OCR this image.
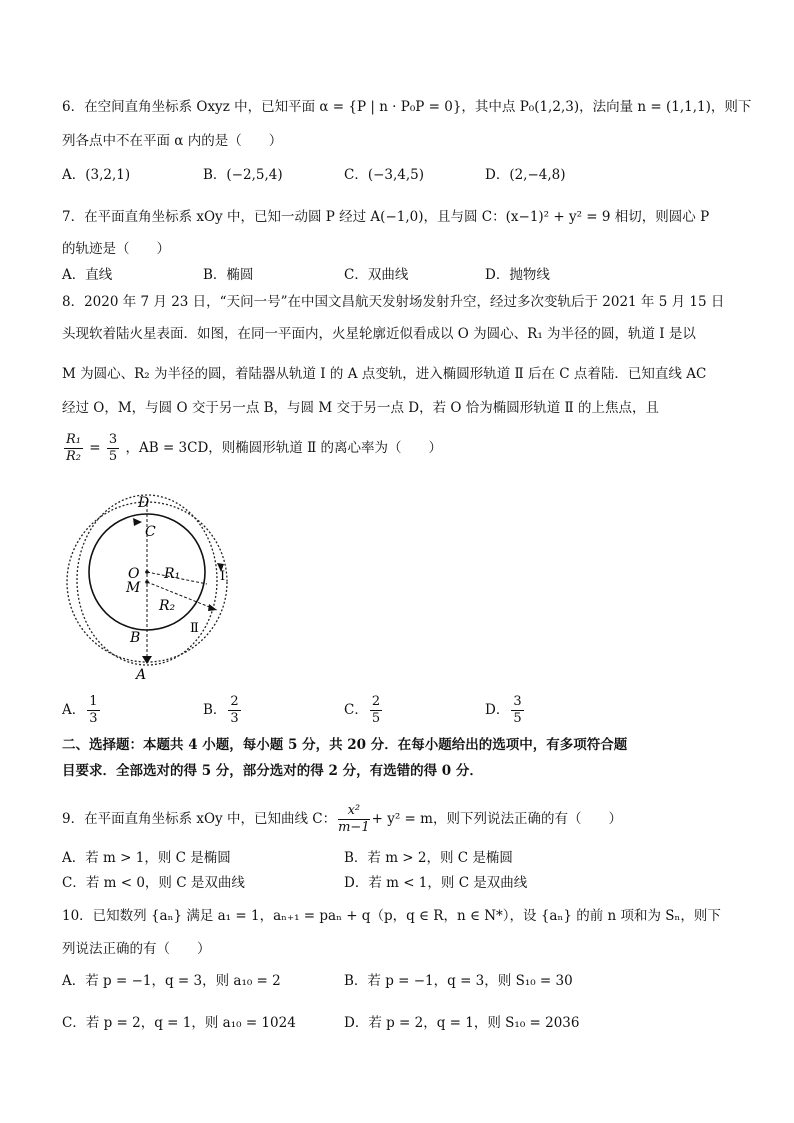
6．在空间直角坐标系 Oxyz 中，已知平面 α = {P | n · P₀P = 0}，其中点 P₀(1,2,3)，法向量 n = (1,1,1)，则下
列各点中不在平面 α 内的是（　　）
A．(3,2,1)	B．(−2,5,4)	C．(−3,4,5)	D．(2,−4,8)
7．在平面直角坐标系 xOy 中，已知一动圆 P 经过 A(−1,0)，且与圆 C：(x−1)² + y² = 9 相切，则圆心 P
的轨迹是（　　）
A．直线	B．椭圆	C．双曲线	D．抛物线
8．2020 年 7 月 23 日，“天问一号”在中国文昌航天发射场发射升空，经过多次变轨后于 2021 年 5 月 15 日
头现软着陆火星表面．如图，在同一平面内，火星轮廓近似看成以 O 为圆心、R₁ 为半径的圆，轨道 Ⅰ 是以
M 为圆心、R₂ 为半径的圆，着陆器从轨道 Ⅰ 的 A 点变轨，进入椭圆形轨道 Ⅱ 后在 C 点着陆．已知直线 AC
经过 O，M，与圆 O 交于另一点 B，与圆 M 交于另一点 D，若 O 恰为椭圆形轨道 Ⅱ 的上焦点，且
$\frac{\text{R₁}}{\text{R₂}} = \frac{3}{5}$ ，AB = 3CD，则椭圆形轨道 Ⅱ 的离心率为（　　）
D
C
O
M
R₁
R₂
Ⅰ
Ⅱ
B
A
A． $\frac{1}{3}$	B． $\frac{2}{3}$	C． $\frac{2}{5}$	D． $\frac{3}{5}$
二、选择题：本题共 4 小题，每小题 5 分，共 20 分．在每小题给出的选项中，有多项符合题
目要求．全部选对的得 5 分，部分选对的得 2 分，有选错的得 0 分．
9．在平面直角坐标系 xOy 中，已知曲线 C： $\frac{\text{x²}}{m-1} + y^2 = m$，则下列说法正确的有（　　）
A．若 m > 1，则 C 是椭圆	B．若 m > 2，则 C 是椭圆
C．若 m < 0，则 C 是双曲线	D．若 m < 1，则 C 是双曲线
10．已知数列 {aₙ} 满足 a₁ = 1，aₙ₊₁ = paₙ + q（p，q ∈ R，n ∈ N*），设 {aₙ} 的前 n 项和为 Sₙ，则下
列说法正确的有（　　）
A．若 p = −1，q = 3，则 a₁₀ = 2	B．若 p = −1，q = 3，则 S₁₀ = 30
C．若 p = 2，q = 1，则 a₁₀ = 1024	D．若 p = 2，q = 1，则 S₁₀ = 2036
